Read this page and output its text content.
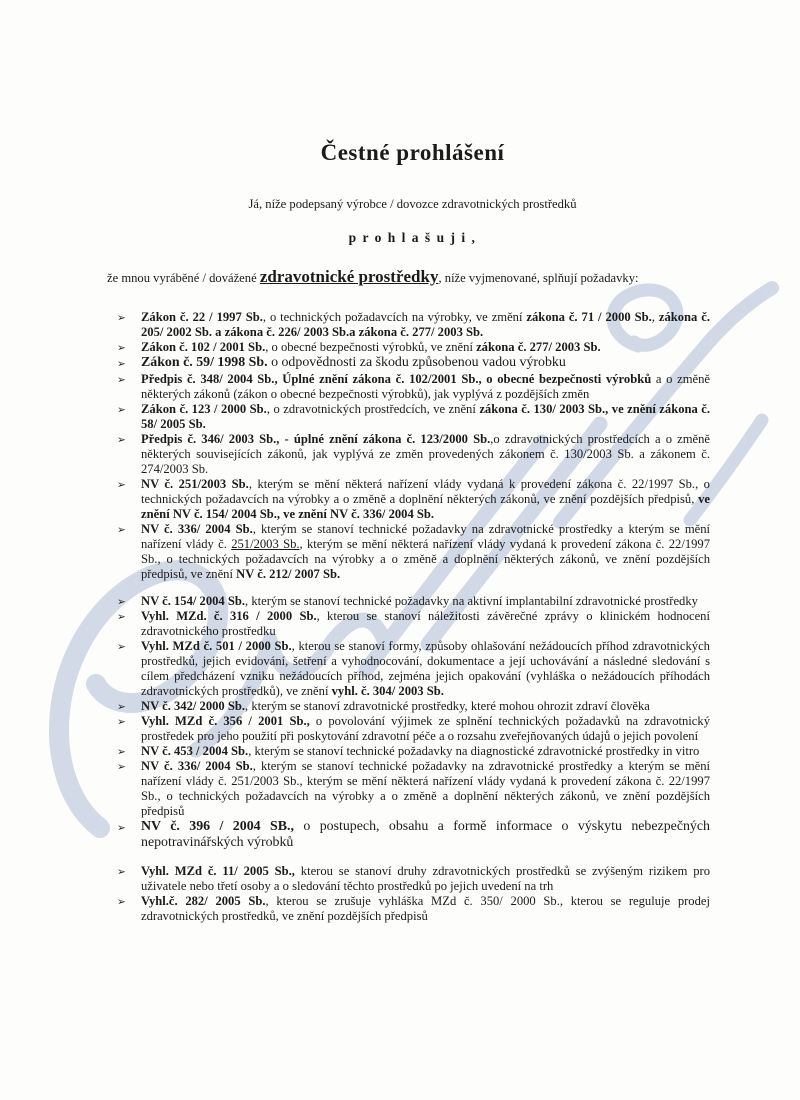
Čestné prohlášení

Já, níže podepsaný výrobce / dovozce zdravotnických prostředků

p r o h l a š u j i ,

že mnou vyráběné / dovážené zdravotnické prostředky, níže vyjmenované, splňují požadavky:

➢ Zákon č. 22 / 1997 Sb., o technických požadavcích na výrobky, ve změní zákona č. 71 / 2000 Sb., zákona č. 205/ 2002 Sb. a zákona č. 226/ 2003 Sb.a zákona č. 277/ 2003 Sb.
➢ Zákon č. 102 / 2001 Sb., o obecné bezpečnosti výrobků, ve znění zákona č. 277/ 2003 Sb.
➢ Zákon č. 59/ 1998 Sb. o odpovědnosti za škodu způsobenou vadou výrobku
➢ Předpis č. 348/ 2004 Sb., Úplné znění zákona č. 102/2001 Sb., o obecné bezpečnosti výrobků a o změně některých zákonů (zákon o obecné bezpečnosti výrobků), jak vyplývá z pozdějších změn
➢ Zákon č. 123 / 2000 Sb., o zdravotnických prostředcích, ve znění zákona č. 130/ 2003 Sb., ve znění zákona č. 58/ 2005 Sb.
➢ Předpis č. 346/ 2003 Sb., - úplné znění zákona č. 123/2000 Sb.,o zdravotnických prostředcích a o změně některých souvisejících zákonů, jak vyplývá ze změn provedených zákonem č. 130/2003 Sb. a zákonem č. 274/2003 Sb.
➢ NV č. 251/2003 Sb., kterým se mění některá nařízení vlády vydaná k provedení zákona č. 22/1997 Sb., o technických požadavcích na výrobky a o změně a doplnění některých zákonů, ve znění pozdějších předpisů, ve znění NV č. 154/ 2004 Sb., ve znění NV č. 336/ 2004 Sb.
➢ NV č. 336/ 2004 Sb., kterým se stanoví technické požadavky na zdravotnické prostředky a kterým se mění nařízení vlády č. 251/2003 Sb., kterým se mění některá nařízení vlády vydaná k provedení zákona č. 22/1997 Sb., o technických požadavcích na výrobky a o změně a doplnění některých zákonů, ve znění pozdějších předpisů, ve znění NV č. 212/ 2007 Sb.
➢ NV č. 154/ 2004 Sb., kterým se stanoví technické požadavky na aktivní implantabilní zdravotnické prostředky
➢ Vyhl. MZd. č. 316 / 2000 Sb., kterou se stanoví náležitosti závěrečné zprávy o klinickém hodnocení zdravotnického prostředku
➢ Vyhl. MZd č. 501 / 2000 Sb., kterou se stanoví formy, způsoby ohlašování nežádoucích příhod zdravotnických prostředků, jejich evidování, šetření a vyhodnocování, dokumentace a její uchovávání a následné sledování s cílem předcházení vzniku nežádoucích příhod, zejména jejich opakování (vyhláška o nežádoucích příhodách zdravotnických prostředků), ve znění vyhl. č. 304/ 2003 Sb.
➢ NV č. 342/ 2000 Sb., kterým se stanoví zdravotnické prostředky, které mohou ohrozit zdraví člověka
➢ Vyhl. MZd č. 356 / 2001 Sb., o povolování výjimek ze splnění technických požadavků na zdravotnický prostředek pro jeho použití při poskytování zdravotní péče a o rozsahu zveřejňovaných údajů o jejich povolení
➢ NV č. 453 / 2004 Sb., kterým se stanoví technické požadavky na diagnostické zdravotnické prostředky in vitro
➢ NV č. 336/ 2004 Sb., kterým se stanoví technické požadavky na zdravotnické prostředky a kterým se mění nařízení vlády č. 251/2003 Sb., kterým se mění některá nařízení vlády vydaná k provedení zákona č. 22/1997 Sb., o technických požadavcích na výrobky a o změně a doplnění některých zákonů, ve znění pozdějších předpisů
➢ NV č. 396 / 2004 SB., o postupech, obsahu a formě informace o výskytu nebezpečných nepotravinářských výrobků
➢ Vyhl. MZd č. 11/ 2005 Sb., kterou se stanoví druhy zdravotnických prostředků se zvýšeným rizikem pro uživatele nebo třetí osoby a o sledování těchto prostředků po jejich uvedení na trh
➢ Vyhl.č. 282/ 2005 Sb., kterou se zrušuje vyhláška MZd č. 350/ 2000 Sb., kterou se reguluje prodej zdravotnických prostředků, ve znění pozdějších předpisů
